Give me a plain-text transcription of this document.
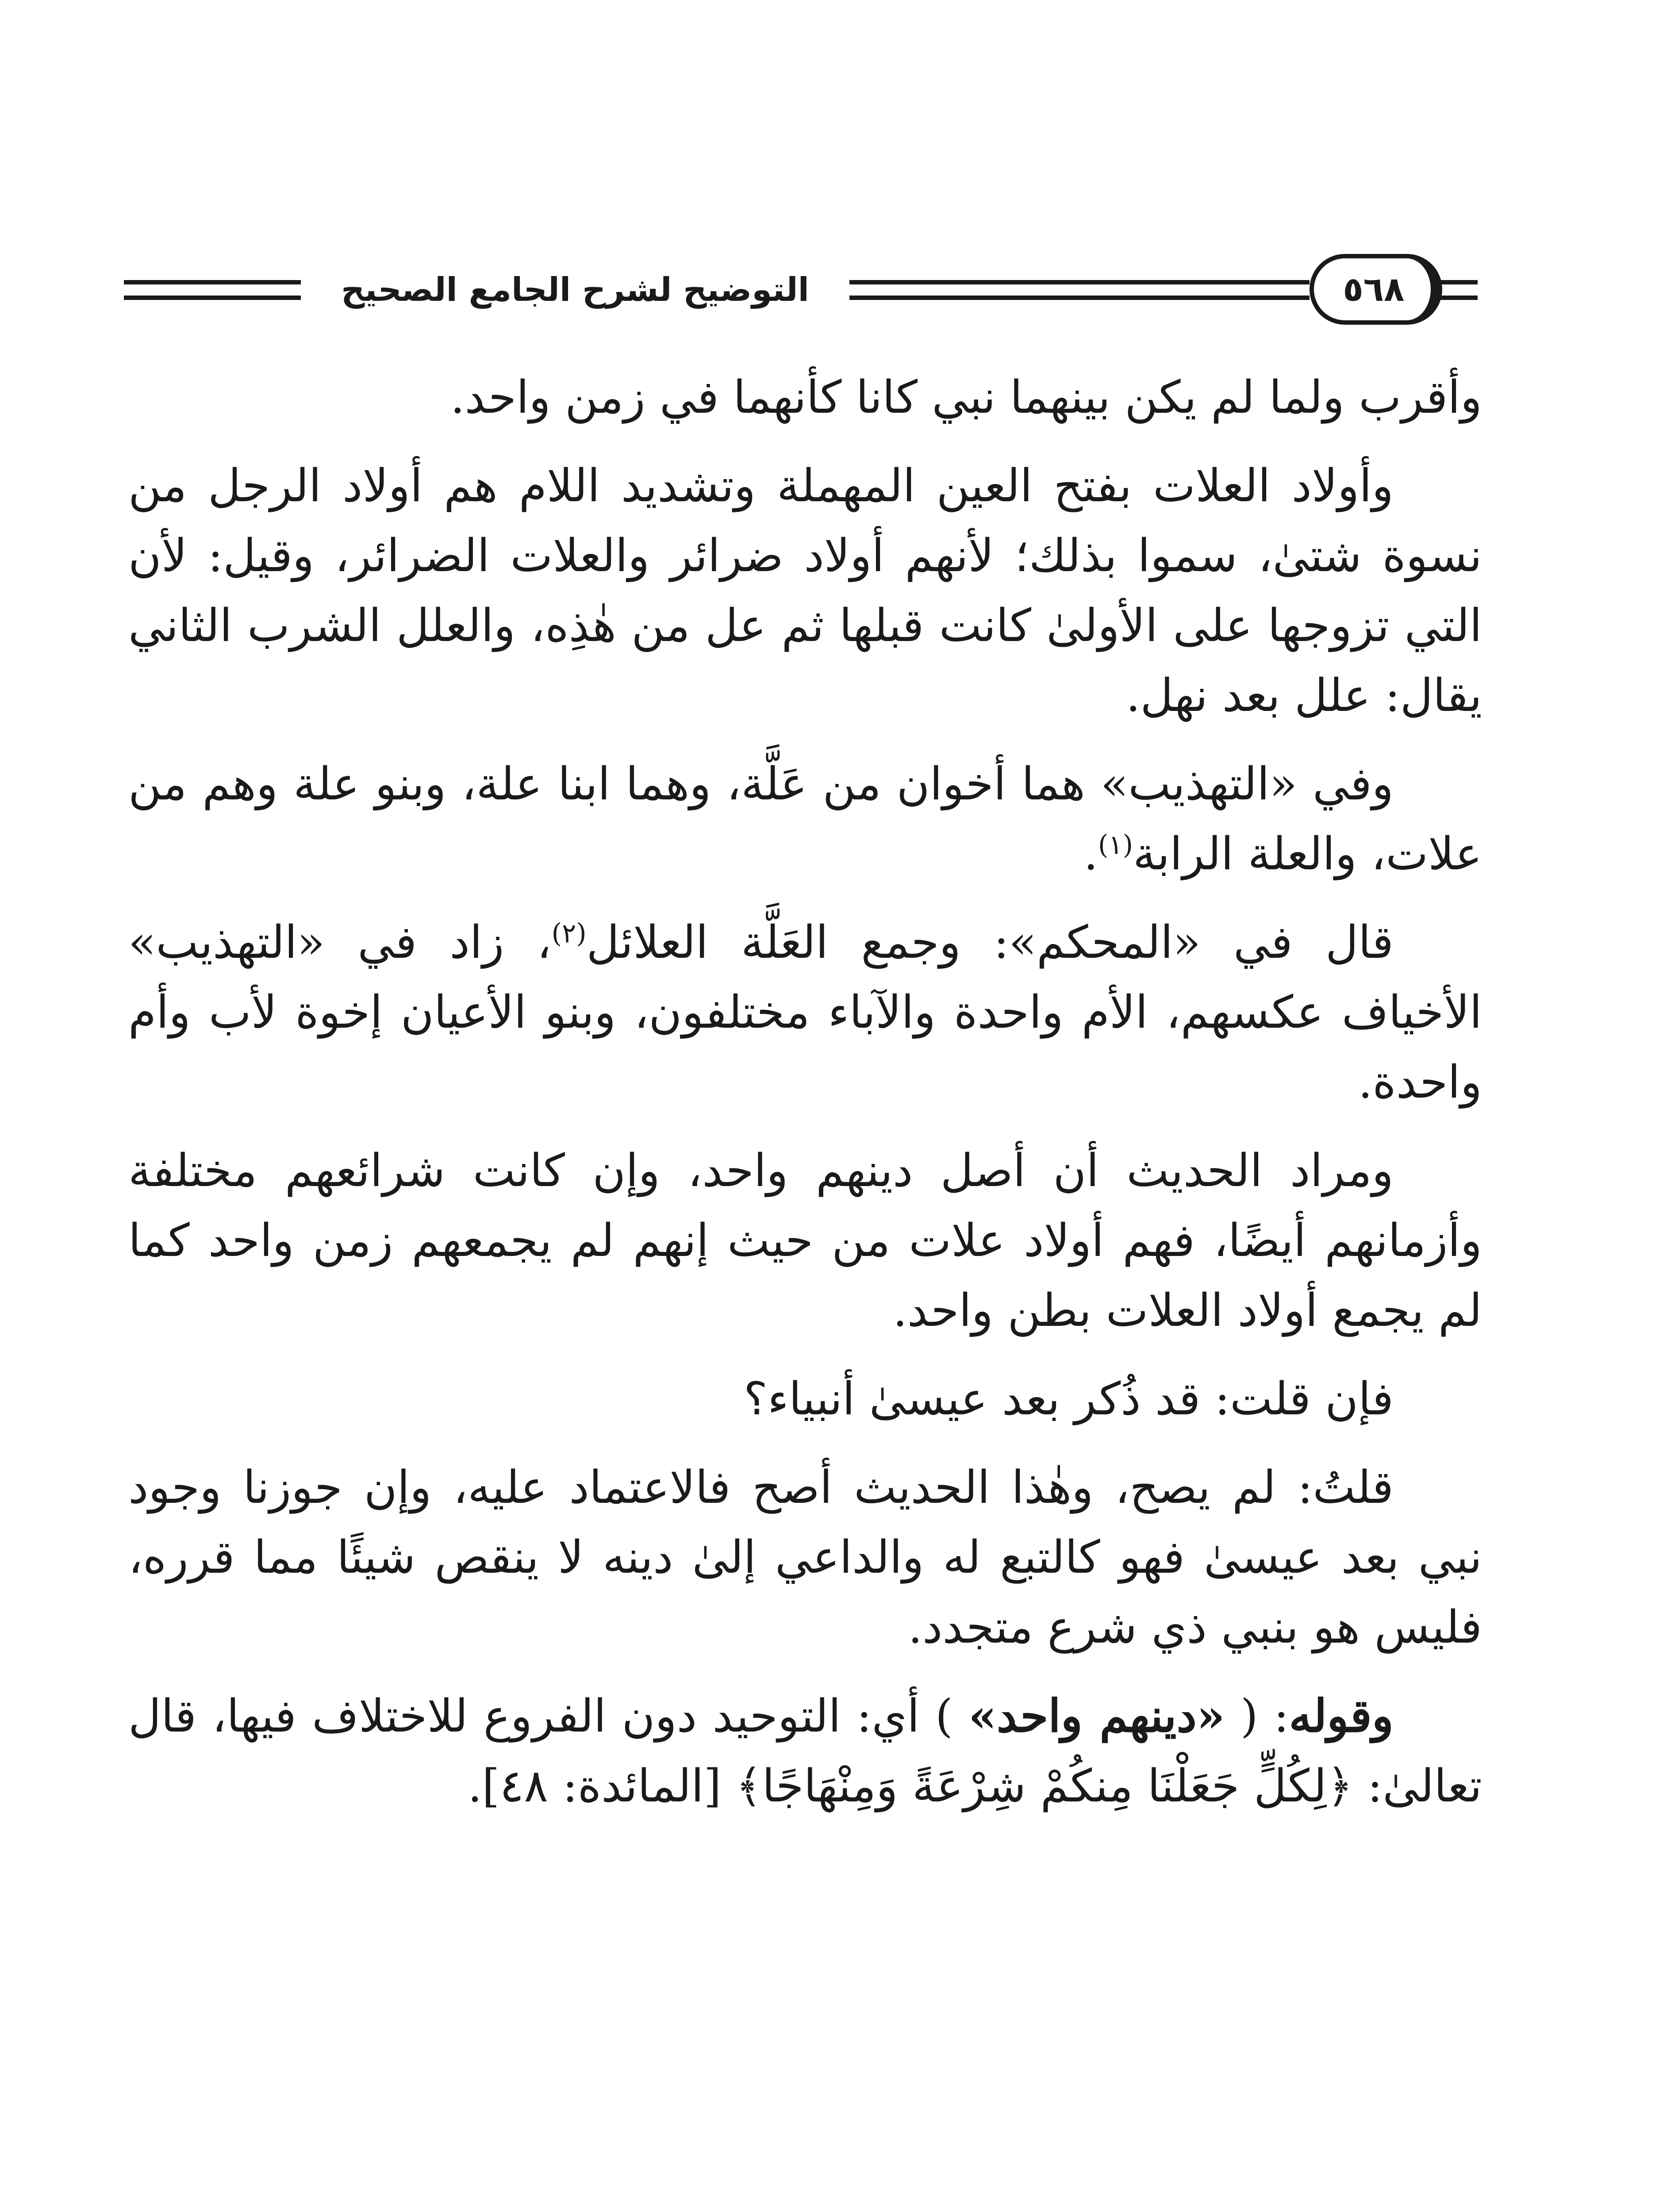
التوضيح لشرح الجامع الصحيح	٥٦٨

وأقرب ولما لم يكن بينهما نبي كانا كأنهما في زمن واحد.

وأولاد العلات بفتح العين المهملة وتشديد اللام هم أولاد الرجل من نسوة شتىٰ، سموا بذلك؛ لأنهم أولاد ضرائر والعلات الضرائر، وقيل: لأن التي تزوجها على الأولىٰ كانت قبلها ثم عل من هٰذِه، والعلل الشرب الثاني يقال: علل بعد نهل.

وفي «التهذيب» هما أخوان من عَلَّة، وهما ابنا علة، وبنو علة وهم من علات، والعلة الرابة$^{(١)}$.

قال في «المحكم»: وجمع العَلَّة العلائل$^{(٢)}$، زاد في «التهذيب» الأخياف عكسهم، الأم واحدة والآباء مختلفون، وبنو الأعيان إخوة لأب وأم واحدة.

ومراد الحديث أن أصل دينهم واحد، وإن كانت شرائعهم مختلفة وأزمانهم أيضًا، فهم أولاد علات من حيث إنهم لم يجمعهم زمن واحد كما لم يجمع أولاد العلات بطن واحد.

فإن قلت: قد ذُكر بعد عيسىٰ أنبياء؟

قلتُ: لم يصح، وهٰذا الحديث أصح فالاعتماد عليه، وإن جوزنا وجود نبي بعد عيسىٰ فهو كالتبع له والداعي إلىٰ دينه لا ينقص شيئًا مما قرره، فليس هو بنبي ذي شرع متجدد.

وقوله: ( «دينهم واحد» ) أي: التوحيد دون الفروع للاختلاف فيها، قال تعالىٰ: ﴿لِكُلٍّ جَعَلْنَا مِنكُمْ شِرْعَةً وَمِنْهَاجًا﴾ [المائدة: ٤٨].
